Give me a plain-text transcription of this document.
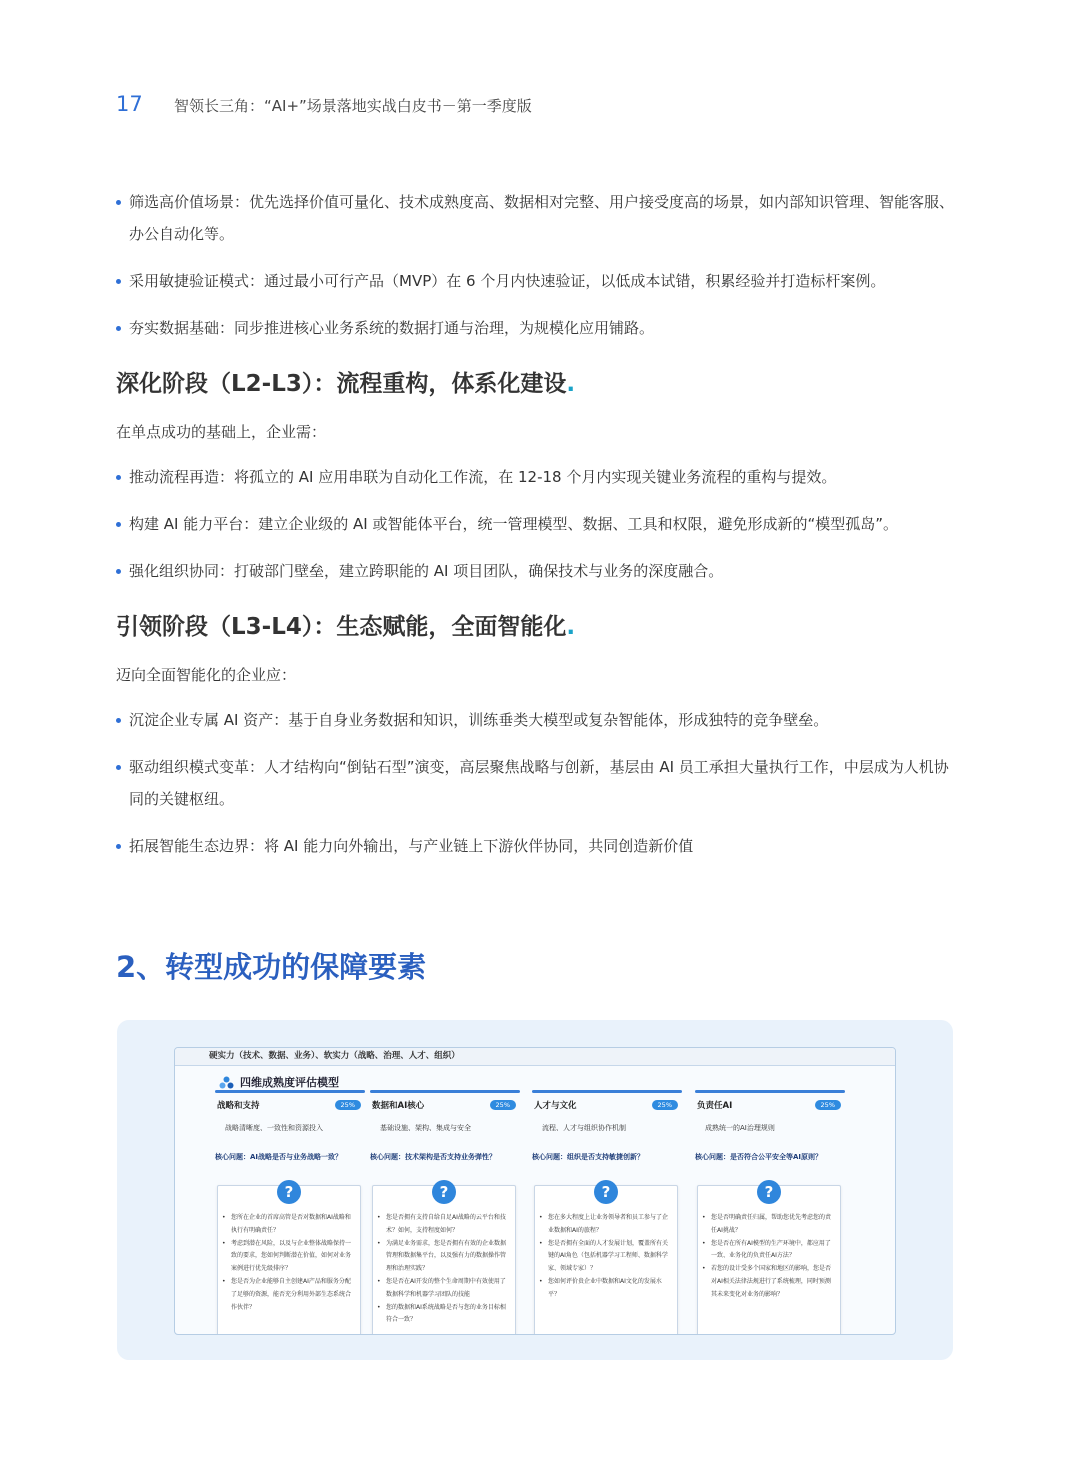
17	智领长三角：“AI+”场景落地实战白皮书－第一季度版
筛选高价值场景：优先选择价值可量化、技术成熟度高、数据相对完整、用户接受度高的场景，如内部知识管理、智能客服、办公自动化等。
采用敏捷验证模式：通过最小可行产品（MVP）在 6 个月内快速验证，以低成本试错，积累经验并打造标杆案例。
夯实数据基础：同步推进核心业务系统的数据打通与治理，为规模化应用铺路。
深化阶段（L2-L3）：流程重构，体系化建设.
在单点成功的基础上，企业需：
推动流程再造：将孤立的 AI 应用串联为自动化工作流，在 12-18 个月内实现关键业务流程的重构与提效。
构建 AI 能力平台：建立企业级的 AI 或智能体平台，统一管理模型、数据、工具和权限，避免形成新的“模型孤岛”。
强化组织协同：打破部门壁垒，建立跨职能的 AI 项目团队，确保技术与业务的深度融合。
引领阶段（L3-L4）：生态赋能，全面智能化.
迈向全面智能化的企业应：
沉淀企业专属 AI 资产：基于自身业务数据和知识，训练垂类大模型或复杂智能体，形成独特的竞争壁垒。
驱动组织模式变革：人才结构向“倒钻石型”演变，高层聚焦战略与创新，基层由 AI 员工承担大量执行工作，中层成为人机协同的关键枢纽。
拓展智能生态边界：将 AI 能力向外输出，与产业链上下游伙伴协同，共同创造新价值
2、转型成功的保障要素
硬实力（技术、数据、业务）、软实力（战略、治理、人才、组织）
四维成熟度评估模型
战略和支持	25%
战略清晰度、一致性和资源投入
核心问题：AI战略是否与业务战略一致？
?
• 您所在企业的首席高管是否对数据和AI战略和执行有明确责任？
• 考虑到潜在风险，以及与企业整体战略保持一致的要求，您如何判断潜在价值，如何对业务案例进行优先级排序？
• 您是否为企业能够自主创建AI产品和服务分配了足够的资源，能否充分利用外部生态系统合作伙伴？
数据和AI核心	25%
基础设施、架构、集成与安全
核心问题：技术架构是否支持业务弹性？
?
• 您是否拥有支持自给自足AI战略的云平台和技术？如何，支持程度如何？
• 为满足业务需求，您是否拥有有效的企业数据管理和数据集平台，以及强有力的数据操作管理和治理实践？
• 您是否在AI开发的整个生命周期中有效使用了数据科学和机器学习团队的技能
• 您的数据和AI系统战略是否与您的业务目标相符合一致？
人才与文化	25%
流程、人才与组织协作机制
核心问题：组织是否支持敏捷创新？
?
• 您在多大程度上让业务领导者和员工参与了企业数据和AI的旅程？
• 您是否拥有全面的人才发展计划，覆盖所有关键的AI角色（包括机器学习工程师、数据科学家、领域专家）？
• 您如何评价贵企业中数据和AI文化的发展水平？
负责任AI	25%
成熟统一的AI治理规则
核心问题：是否符合公平安全等AI原则？
?
• 您是否明确责任归属，帮助您优先考虑您的责任AI挑战？
• 您是否在所有AI模型的生产环境中，都应用了一致、业务化的负责任AI方法？
• 若您的设计受多个国家和地区的影响，您是否对AI相关法律法规进行了系统梳理，同时预测其未来变化对业务的影响？
